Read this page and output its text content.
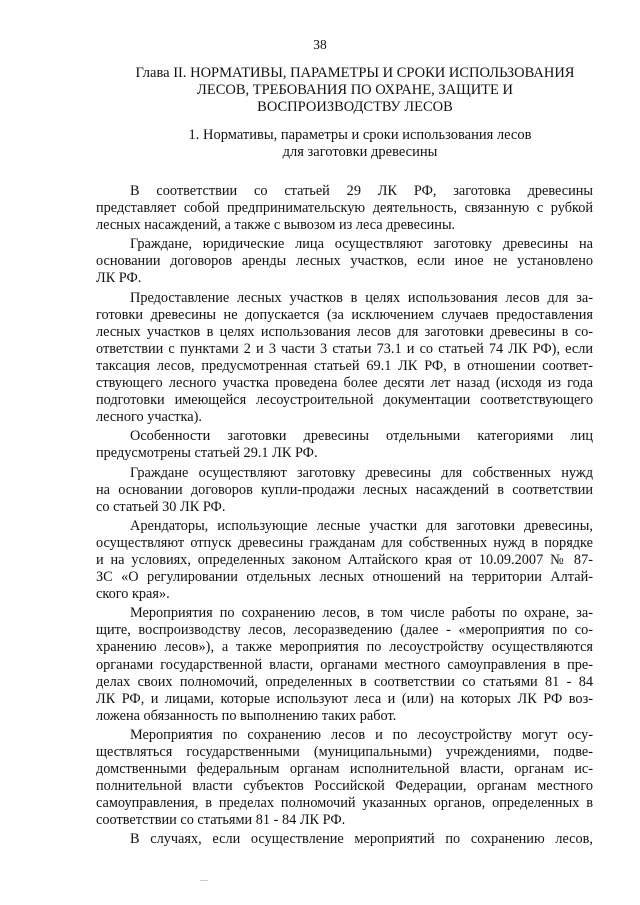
38
Глава II. НОРМАТИВЫ, ПАРАМЕТРЫ И СРОКИ ИСПОЛЬЗОВАНИЯ
ЛЕСОВ, ТРЕБОВАНИЯ ПО ОХРАНЕ, ЗАЩИТЕ И
ВОСПРОИЗВОДСТВУ ЛЕСОВ
1. Нормативы, параметры и сроки использования лесов
для заготовки древесины
В соответствии со статьей 29 ЛК РФ, заготовка древесины
представляет собой предпринимательскую деятельность, связанную с рубкой
лесных насаждений, а также с вывозом из леса древесины.
Граждане, юридические лица осуществляют заготовку древесины на
основании договоров аренды лесных участков, если иное не установлено
ЛК РФ.
Предоставление лесных участков в целях использования лесов для за-
готовки древесины не допускается (за исключением случаев предоставления
лесных участков в целях использования лесов для заготовки древесины в со-
ответствии с пунктами 2 и 3 части 3 статьи 73.1 и со статьей 74 ЛК РФ), если
таксация лесов, предусмотренная статьей 69.1 ЛК РФ, в отношении соответ-
ствующего лесного участка проведена более десяти лет назад (исходя из года
подготовки имеющейся лесоустроительной документации соответствующего
лесного участка).
Особенности заготовки древесины отдельными категориями лиц
предусмотрены статьей 29.1 ЛК РФ.
Граждане осуществляют заготовку древесины для собственных нужд
на основании договоров купли-продажи лесных насаждений в соответствии
со статьей 30 ЛК РФ.
Арендаторы, использующие лесные участки для заготовки древесины,
осуществляют отпуск древесины гражданам для собственных нужд в порядке
и на условиях, определенных законом Алтайского края от 10.09.2007 № 87-
ЗС «О регулировании отдельных лесных отношений на территории Алтай-
ского края».
Мероприятия по сохранению лесов, в том числе работы по охране, за-
щите, воспроизводству лесов, лесоразведению (далее - «мероприятия по со-
хранению лесов»), а также мероприятия по лесоустройству осуществляются
органами государственной власти, органами местного самоуправления в пре-
делах своих полномочий, определенных в соответствии со статьями 81 - 84
ЛК РФ, и лицами, которые используют леса и (или) на которых ЛК РФ воз-
ложена обязанность по выполнению таких работ.
Мероприятия по сохранению лесов и по лесоустройству могут осу-
ществляться государственными (муниципальными) учреждениями, подве-
домственными федеральным органам исполнительной власти, органам ис-
полнительной власти субъектов Российской Федерации, органам местного
самоуправления, в пределах полномочий указанных органов, определенных в
соответствии со статьями 81 - 84 ЛК РФ.
В случаях, если осуществление мероприятий по сохранению лесов,
